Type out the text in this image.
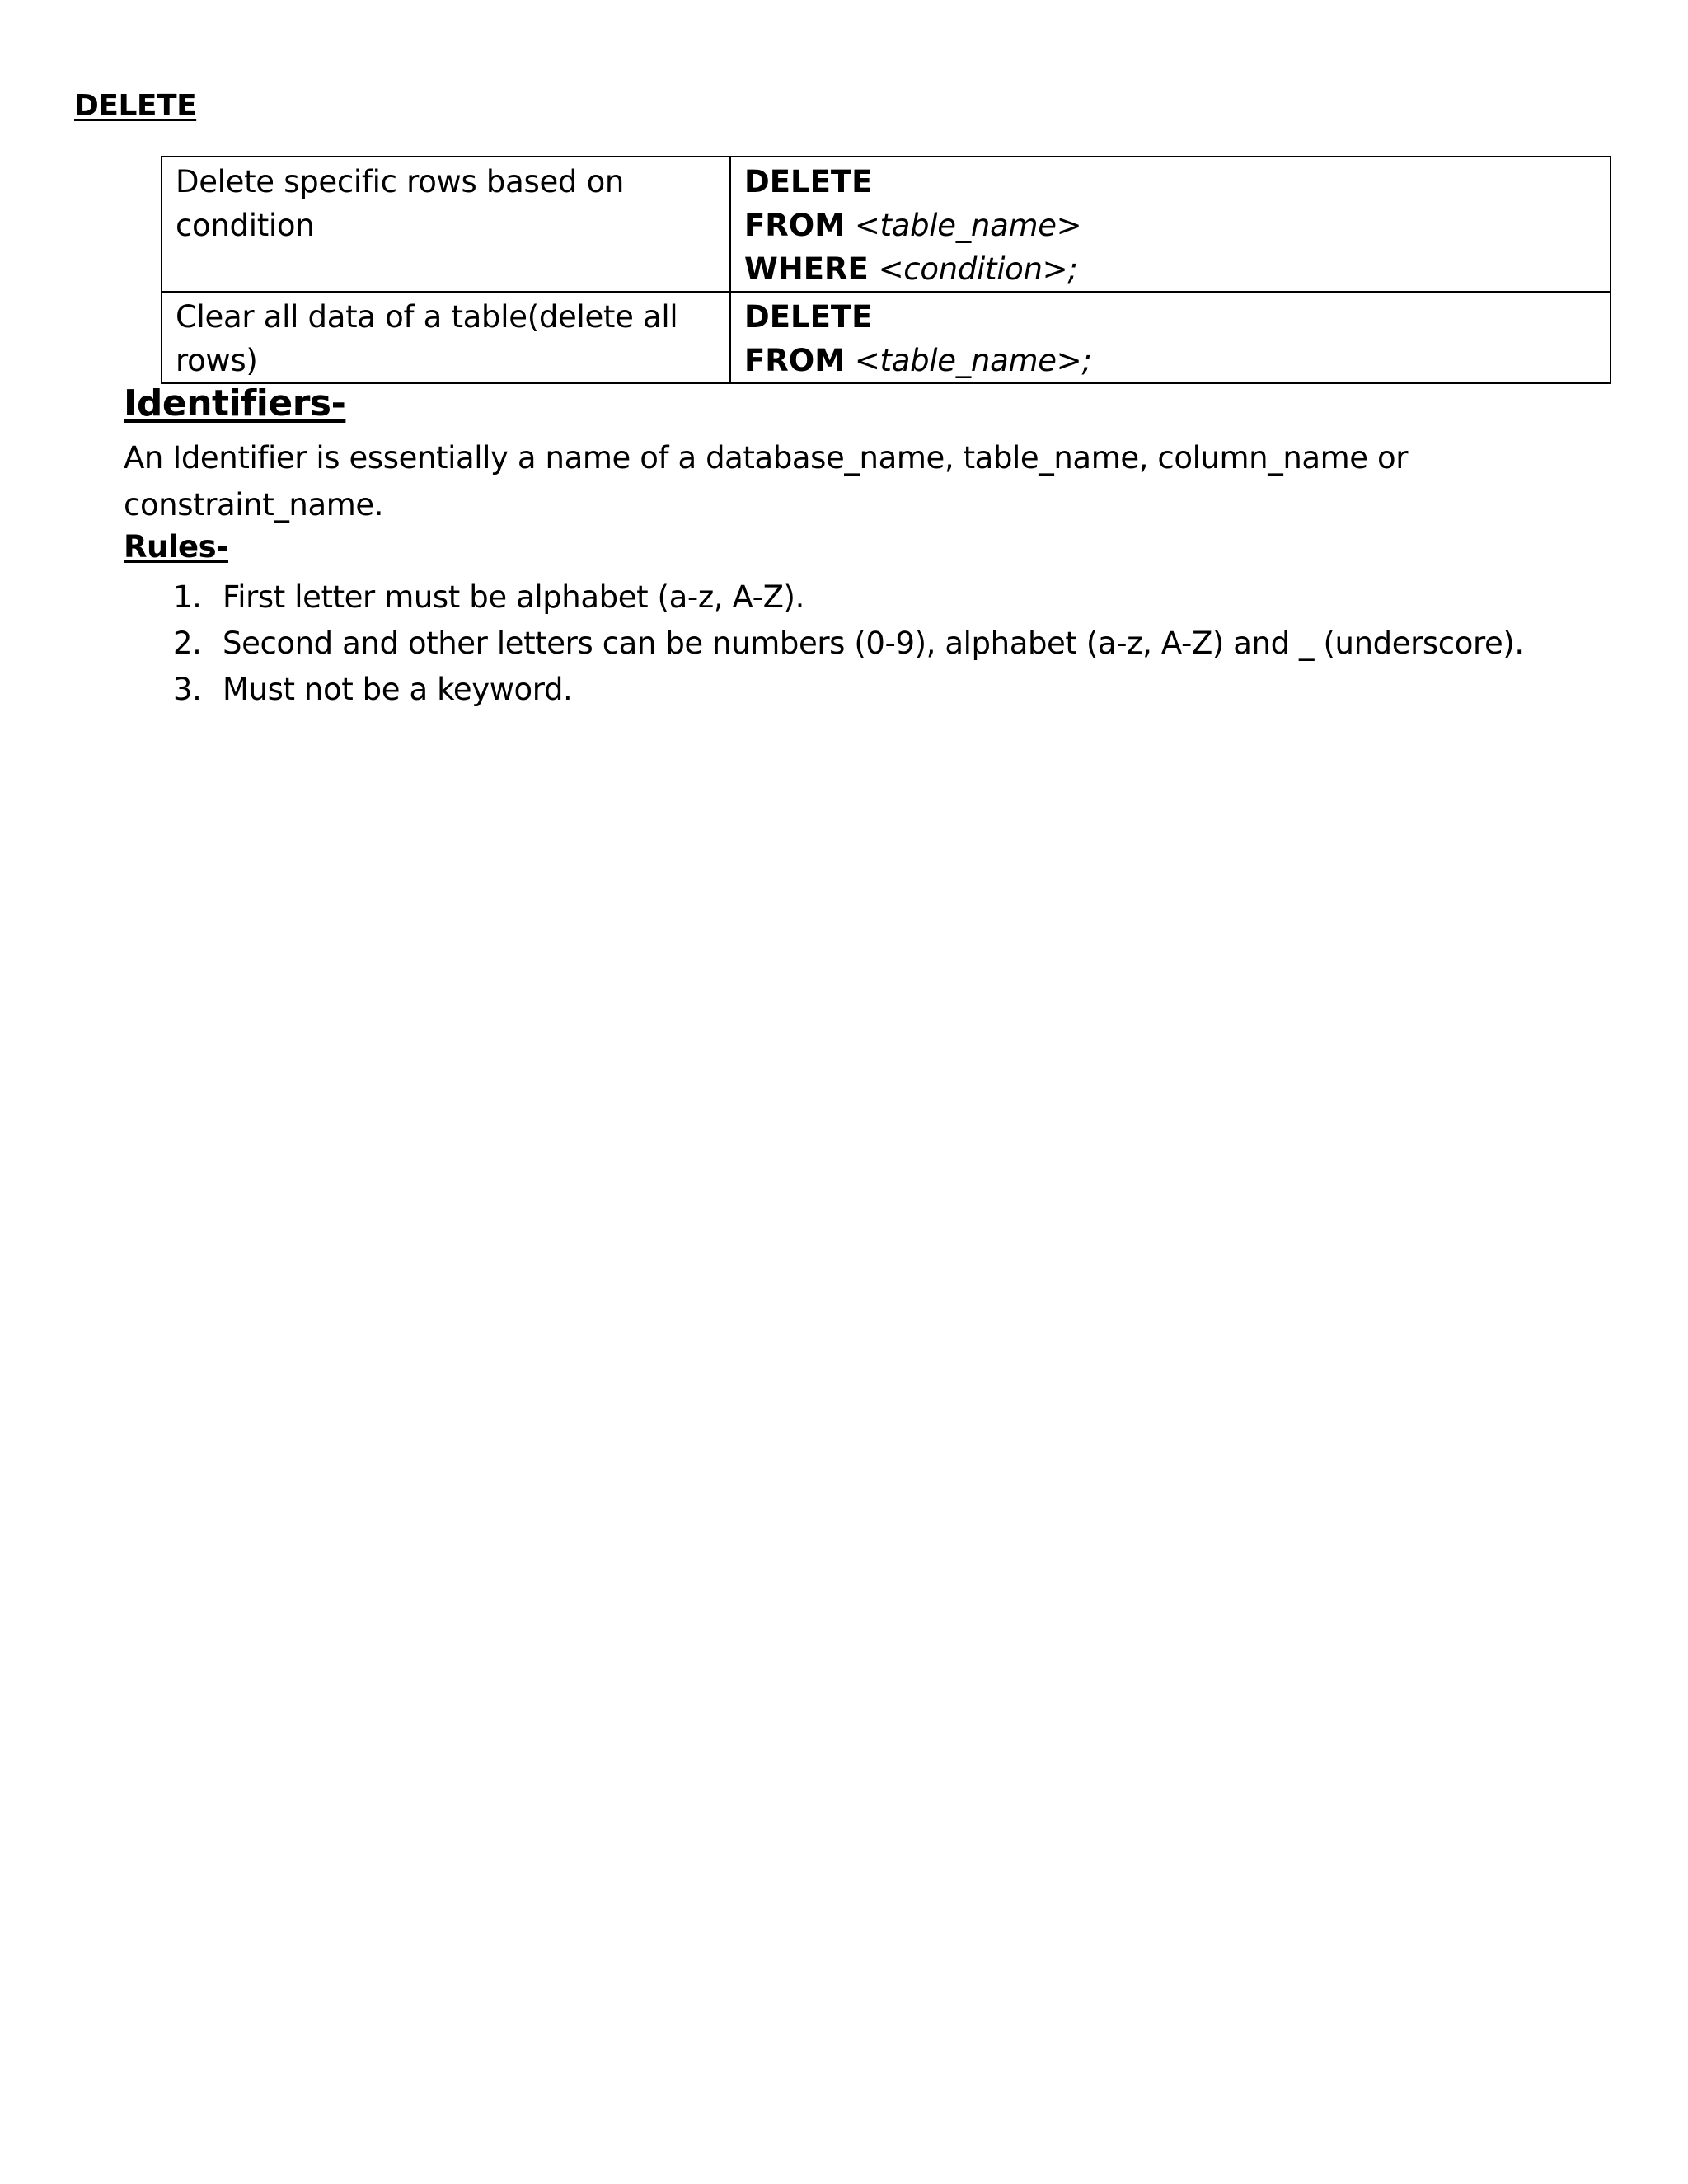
DELETE
Delete specific rows based on condition	DELETE
FROM <table_name>
WHERE <condition>;

Clear all data of a table(delete all rows)	DELETE
FROM <table_name>;
Identifiers-
An Identifier is essentially a name of a database_name, table_name, column_name or constraint_name.
Rules-
1. First letter must be alphabet (a-z, A-Z).
2. Second and other letters can be numbers (0-9), alphabet (a-z, A-Z) and _ (underscore).
3. Must not be a keyword.
